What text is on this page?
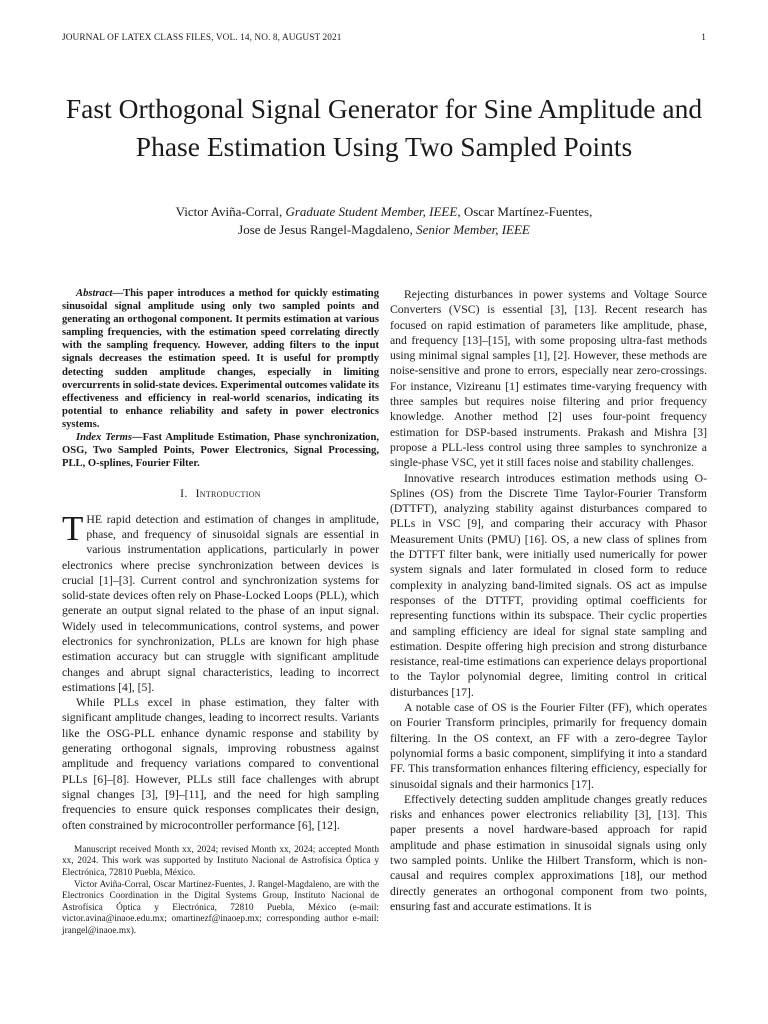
JOURNAL OF LATEX CLASS FILES, VOL. 14, NO. 8, AUGUST 2021	1
Fast Orthogonal Signal Generator for Sine Amplitude and Phase Estimation Using Two Sampled Points
Victor Aviña-Corral, Graduate Student Member, IEEE, Oscar Martínez-Fuentes,
Jose de Jesus Rangel-Magdaleno, Senior Member, IEEE

Abstract—This paper introduces a method for quickly estimating sinusoidal signal amplitude using only two sampled points and generating an orthogonal component. It permits estimation at various sampling frequencies, with the estimation speed correlating directly with the sampling frequency. However, adding filters to the input signals decreases the estimation speed. It is useful for promptly detecting sudden amplitude changes, especially in limiting overcurrents in solid-state devices. Experimental outcomes validate its effectiveness and efficiency in real-world scenarios, indicating its potential to enhance reliability and safety in power electronics systems.

Index Terms—Fast Amplitude Estimation, Phase synchronization, OSG, Two Sampled Points, Power Electronics, Signal Processing, PLL, O-splines, Fourier Filter.

I. Introduction

THE rapid detection and estimation of changes in amplitude, phase, and frequency of sinusoidal signals are essential in various instrumentation applications, particularly in power electronics where precise synchronization between devices is crucial [1]–[3]. Current control and synchronization systems for solid-state devices often rely on Phase-Locked Loops (PLL), which generate an output signal related to the phase of an input signal. Widely used in telecommunications, control systems, and power electronics for synchronization, PLLs are known for high phase estimation accuracy but can struggle with significant amplitude changes and abrupt signal characteristics, leading to incorrect estimations [4], [5].

While PLLs excel in phase estimation, they falter with significant amplitude changes, leading to incorrect results. Variants like the OSG-PLL enhance dynamic response and stability by generating orthogonal signals, improving robustness against amplitude and frequency variations compared to conventional PLLs [6]–[8]. However, PLLs still face challenges with abrupt signal changes [3], [9]–[11], and the need for high sampling frequencies to ensure quick responses complicates their design, often constrained by microcontroller performance [6], [12].

Manuscript received Month xx, 2024; revised Month xx, 2024; accepted Month xx, 2024. This work was supported by Instituto Nacional de Astrofísica Óptica y Electrónica, 72810 Puebla, México.

Victor Aviña-Corral, Oscar Martínez-Fuentes, J. Rangel-Magdaleno, are with the Electronics Coordination in the Digital Systems Group, Instituto Nacional de Astrofísica Óptica y Electrónica, 72810 Puebla, México (e-mail: victor.avina@inaoe.edu.mx; omartinezf@inaoep.mx; corresponding author e-mail: jrangel@inaoe.mx).

Rejecting disturbances in power systems and Voltage Source Converters (VSC) is essential [3], [13]. Recent research has focused on rapid estimation of parameters like amplitude, phase, and frequency [13]–[15], with some proposing ultra-fast methods using minimal signal samples [1], [2]. However, these methods are noise-sensitive and prone to errors, especially near zero-crossings. For instance, Vizireanu [1] estimates time-varying frequency with three samples but requires noise filtering and prior frequency knowledge. Another method [2] uses four-point frequency estimation for DSP-based instruments. Prakash and Mishra [3] propose a PLL-less control using three samples to synchronize a single-phase VSC, yet it still faces noise and stability challenges.

Innovative research introduces estimation methods using O-Splines (OS) from the Discrete Time Taylor-Fourier Transform (DTTFT), analyzing stability against disturbances compared to PLLs in VSC [9], and comparing their accuracy with Phasor Measurement Units (PMU) [16]. OS, a new class of splines from the DTTFT filter bank, were initially used numerically for power system signals and later formulated in closed form to reduce complexity in analyzing band-limited signals. OS act as impulse responses of the DTTFT, providing optimal coefficients for representing functions within its subspace. Their cyclic properties and sampling efficiency are ideal for signal state sampling and estimation. Despite offering high precision and strong disturbance resistance, real-time estimations can experience delays proportional to the Taylor polynomial degree, limiting control in critical disturbances [17].

A notable case of OS is the Fourier Filter (FF), which operates on Fourier Transform principles, primarily for frequency domain filtering. In the OS context, an FF with a zero-degree Taylor polynomial forms a basic component, simplifying it into a standard FF. This transformation enhances filtering efficiency, especially for sinusoidal signals and their harmonics [17].

Effectively detecting sudden amplitude changes greatly reduces risks and enhances power electronics reliability [3], [13]. This paper presents a novel hardware-based approach for rapid amplitude and phase estimation in sinusoidal signals using only two sampled points. Unlike the Hilbert Transform, which is non-causal and requires complex approximations [18], our method directly generates an orthogonal component from two points, ensuring fast and accurate estimations. It is
